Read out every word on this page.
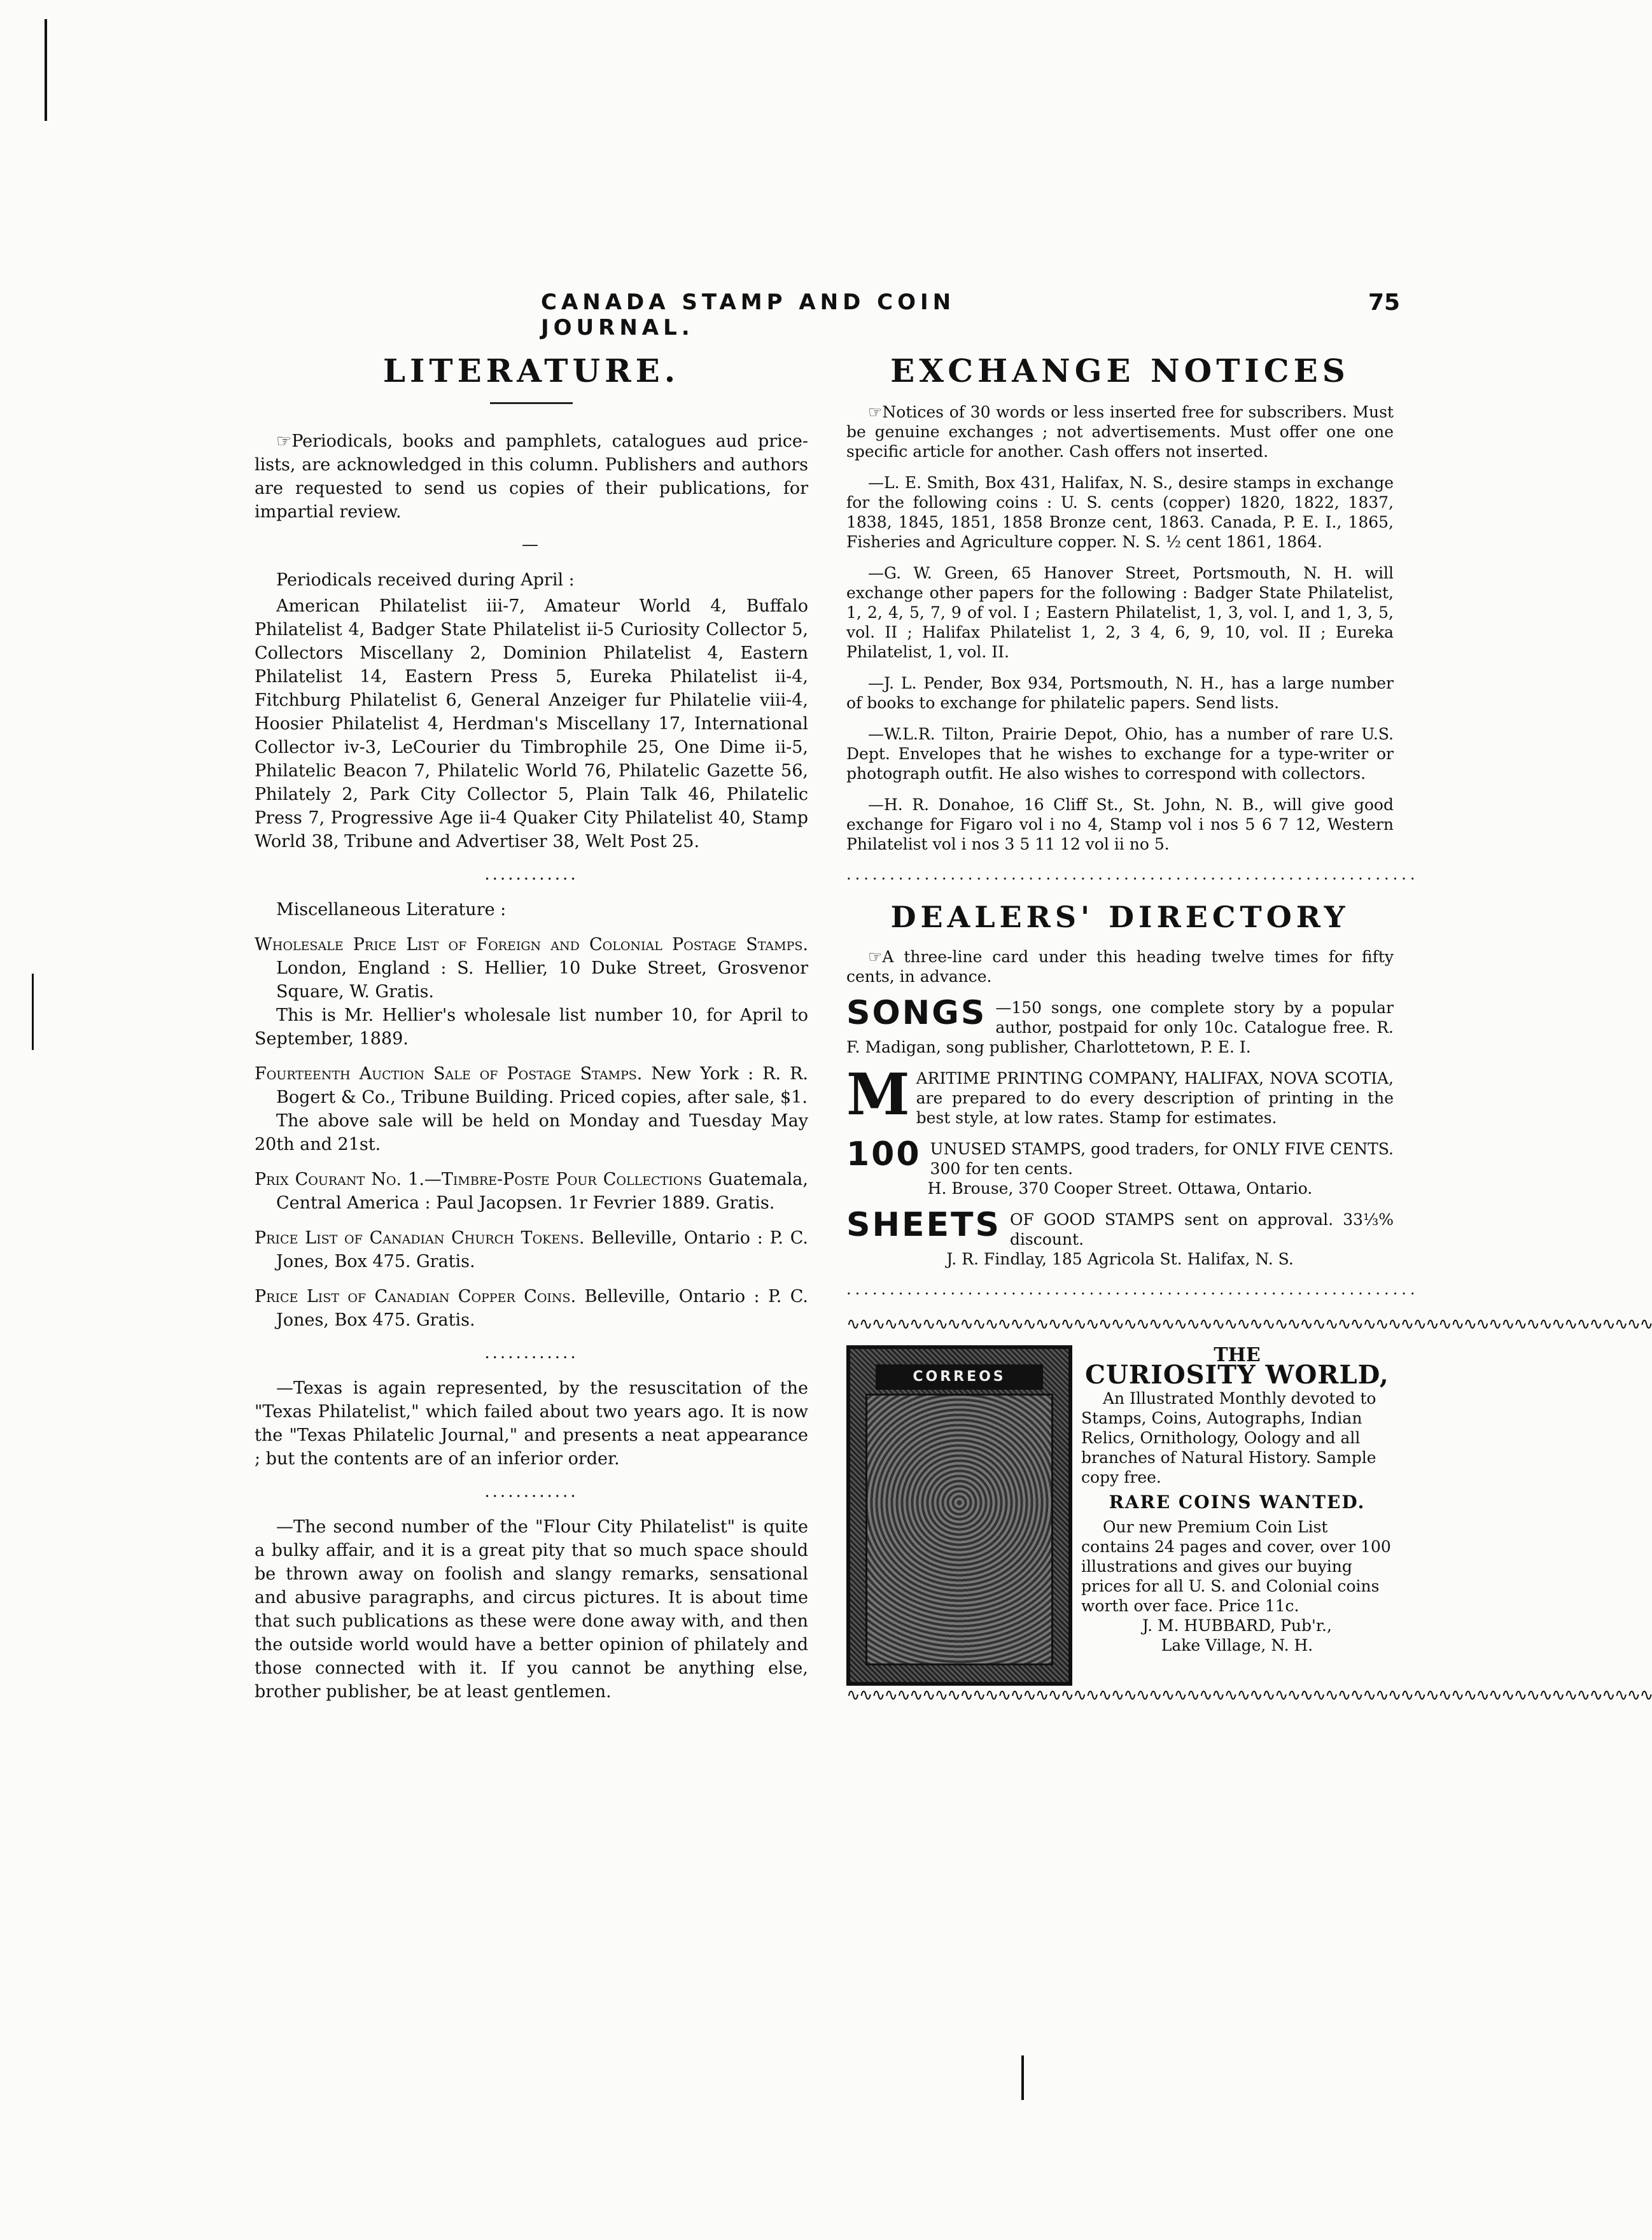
CANADA STAMP AND COIN JOURNAL.
75
LITERATURE.

☞Periodicals, books and pamphlets, catalogues aud price-lists, are acknowledged in this column. Publishers and authors are requested to send us copies of their publications, for impartial review.

—

Periodicals received during April :

American Philatelist iii-7, Amateur World 4, Buffalo Philatelist 4, Badger State Philatelist ii-5 Curiosity Collector 5, Collectors Miscellany 2, Dominion Philatelist 4, Eastern Philatelist 14, Eastern Press 5, Eureka Philatelist ii-4, Fitchburg Philatelist 6, General Anzeiger fur Philatelie viii-4, Hoosier Philatelist 4, Herdman's Miscellany 17, International Collector iv-3, LeCourier du Timbrophile 25, One Dime ii-5, Philatelic Beacon 7, Philatelic World 76, Philatelic Gazette 56, Philately 2, Park City Collector 5, Plain Talk 46, Philatelic Press 7, Progressive Age ii-4 Quaker City Philatelist 40, Stamp World 38, Tribune and Advertiser 38, Welt Post 25.

............

Miscellaneous Literature :

Wholesale Price List of Foreign and Colonial Postage Stamps. London, England : S. Hellier, 10 Duke Street, Grosvenor Square, W. Gratis.
This is Mr. Hellier's wholesale list number 10, for April to September, 1889.
Fourteenth Auction Sale of Postage Stamps. New York : R. R. Bogert & Co., Tribune Building. Priced copies, after sale, $1.
The above sale will be held on Monday and Tuesday May 20th and 21st.
Prix Courant No. 1.—Timbre-Poste Pour Collections Guatemala, Central America : Paul Jacopsen. 1r Fevrier 1889. Gratis.
Price List of Canadian Church Tokens. Belleville, Ontario : P. C. Jones, Box 475. Gratis.
Price List of Canadian Copper Coins. Belleville, Ontario : P. C. Jones, Box 475. Gratis.
............

—Texas is again represented, by the resuscitation of the "Texas Philatelist," which failed about two years ago. It is now the "Texas Philatelic Journal," and presents a neat appearance ; but the contents are of an inferior order.

............

—The second number of the "Flour City Philatelist" is quite a bulky affair, and it is a great pity that so much space should be thrown away on foolish and slangy remarks, sensational and abusive paragraphs, and circus pictures. It is about time that such publications as these were done away with, and then the outside world would have a better opinion of philately and those connected with it. If you cannot be anything else, brother publisher, be at least gentlemen.

EXCHANGE NOTICES

☞Notices of 30 words or less inserted free for subscribers. Must be genuine exchanges ; not advertisements. Must offer one one specific article for another. Cash offers not inserted.

—L. E. Smith, Box 431, Halifax, N. S., desire stamps in exchange for the following coins : U. S. cents (copper) 1820, 1822, 1837, 1838, 1845, 1851, 1858 Bronze cent, 1863. Canada, P. E. I., 1865, Fisheries and Agriculture copper. N. S. ½ cent 1861, 1864.

—G. W. Green, 65 Hanover Street, Portsmouth, N. H. will exchange other papers for the following : Badger State Philatelist, 1, 2, 4, 5, 7, 9 of vol. I ; Eastern Philatelist, 1, 3, vol. I, and 1, 3, 5, vol. II ; Halifax Philatelist 1, 2, 3 4, 6, 9, 10, vol. II ; Eureka Philatelist, 1, vol. II.

—J. L. Pender, Box 934, Portsmouth, N. H., has a large number of books to exchange for philatelic papers. Send lists.

—W.L.R. Tilton, Prairie Depot, Ohio, has a number of rare U.S. Dept. Envelopes that he wishes to exchange for a type-writer or photograph outfit. He also wishes to correspond with collectors.

—H. R. Donahoe, 16 Cliff St., St. John, N. B., will give good exchange for Figaro vol i no 4, Stamp vol i nos 5 6 7 12, Western Philatelist vol i nos 3 5 11 12 vol ii no 5.

..................................................................
DEALERS' DIRECTORY

☞A three-line card under this heading twelve times for fifty cents, in advance.

SONGS —150 songs, one complete story by a popular author, postpaid for only 10c. Catalogue free. R. F. Madigan, song publisher, Charlottetown, P. E. I.
M ARITIME PRINTING COMPANY, HALIFAX, NOVA SCOTIA, are prepared to do every description of printing in the best style, at low rates. Stamp for estimates.
100 UNUSED STAMPS, good traders, for ONLY FIVE CENTS. 300 for ten cents.
H. Brouse, 370 Cooper Street. Ottawa, Ontario.
SHEETS OF GOOD STAMPS sent on approval. 33⅓% discount.
J. R. Findlay, 185 Agricola St. Halifax, N. S.
..................................................................
∿∿∿∿∿∿∿∿∿∿∿∿∿∿∿∿∿∿∿∿∿∿∿∿∿∿∿∿∿∿∿∿∿∿∿∿∿∿∿∿∿∿∿∿∿∿∿∿∿∿∿∿∿∿∿∿∿∿∿∿∿∿∿∿
CORREOS
THE
CURIOSITY WORLD,
An Illustrated Monthly devoted to Stamps, Coins, Autographs, Indian Relics, Ornithology, Oology and all branches of Natural History. Sample copy free.
RARE COINS WANTED.
Our new Premium Coin List contains 24 pages and cover, over 100 illustrations and gives our buying prices for all U. S. and Colonial coins worth over face. Price 11c.
J. M. HUBBARD, Pub'r.,
Lake Village, N. H.
∿∿∿∿∿∿∿∿∿∿∿∿∿∿∿∿∿∿∿∿∿∿∿∿∿∿∿∿∿∿∿∿∿∿∿∿∿∿∿∿∿∿∿∿∿∿∿∿∿∿∿∿∿∿∿∿∿∿∿∿∿∿∿∿
